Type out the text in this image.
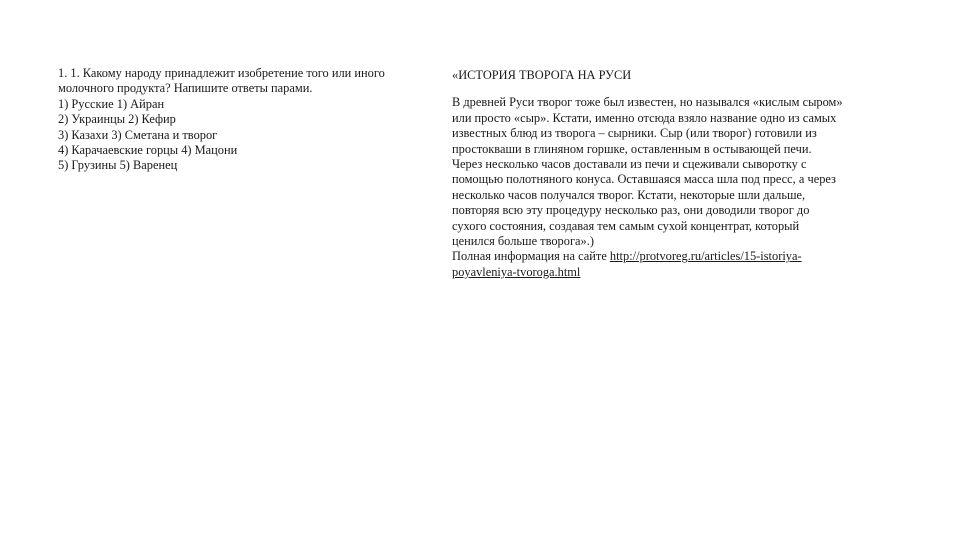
1. 1. Какому народу принадлежит изобретение того или иного
молочного продукта? Напишите ответы парами.
1) Русские 1) Айран
2) Украинцы 2) Кефир
3) Казахи 3) Сметана и творог
4) Карачаевские горцы 4) Мацони
5) Грузины 5) Варенец
«ИСТОРИЯ ТВОРОГА НА РУСИ
В древней Руси творог тоже был известен, но назывался «кислым сыром»
или просто «сыр». Кстати, именно отсюда взяло название одно из самых
известных блюд из творога – сырники. Сыр (или творог) готовили из
простокваши в глиняном горшке, оставленным в остывающей печи.
Через несколько часов доставали из печи и сцеживали сыворотку с
помощью полотняного конуса. Оставшаяся масса шла под пресс, а через
несколько часов получался творог. Кстати, некоторые шли дальше,
повторяя всю эту процедуру несколько раз, они доводили творог до
сухого состояния, создавая тем самым сухой концентрат, который
ценился больше творога».)
Полная информация на сайте http://protvoreg.ru/articles/15-istoriya-
poyavleniya-tvoroga.html
